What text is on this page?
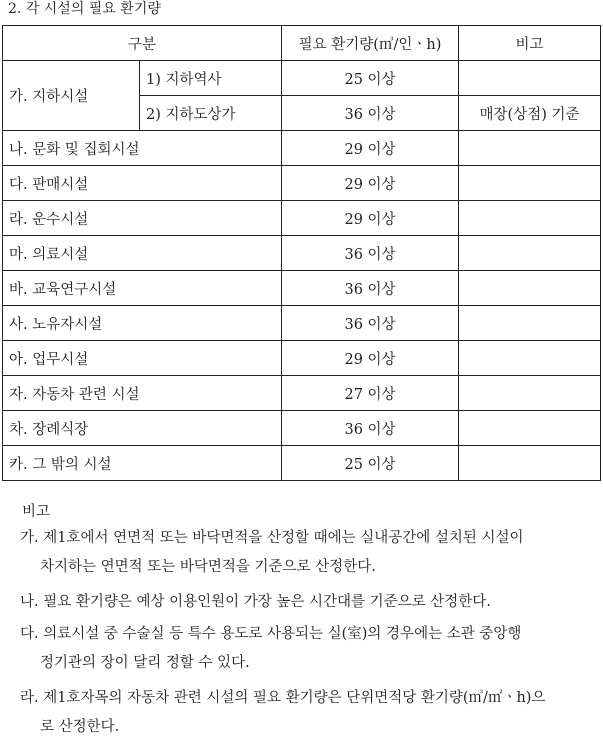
2. 각 시설의 필요 환기량
구분		필요 환기량(㎥/인ㆍh)	비고
가. 지하시설	1) 지하역사	25 이상	
	2) 지하도상가	36 이상	매장(상점) 기준
나. 문화 및 집회시설		29 이상	
다. 판매시설		29 이상	
라. 운수시설		29 이상	
마. 의료시설		36 이상	
바. 교육연구시설		36 이상	
사. 노유자시설		36 이상	
아. 업무시설		29 이상	
자. 자동차 관련 시설		27 이상	
차. 장례식장		36 이상	
카. 그 밖의 시설		25 이상	
비고
가. 제1호에서 연면적 또는 바닥면적을 산정할 때에는 실내공간에 설치된 시설이
차지하는 연면적 또는 바닥면적을 기준으로 산정한다.
나. 필요 환기량은 예상 이용인원이 가장 높은 시간대를 기준으로 산정한다.
다. 의료시설 중 수술실 등 특수 용도로 사용되는 실(室)의 경우에는 소관 중앙행
정기관의 장이 달리 정할 수 있다.
라. 제1호자목의 자동차 관련 시설의 필요 환기량은 단위면적당 환기량(㎥/㎡ㆍh)으
로 산정한다.
